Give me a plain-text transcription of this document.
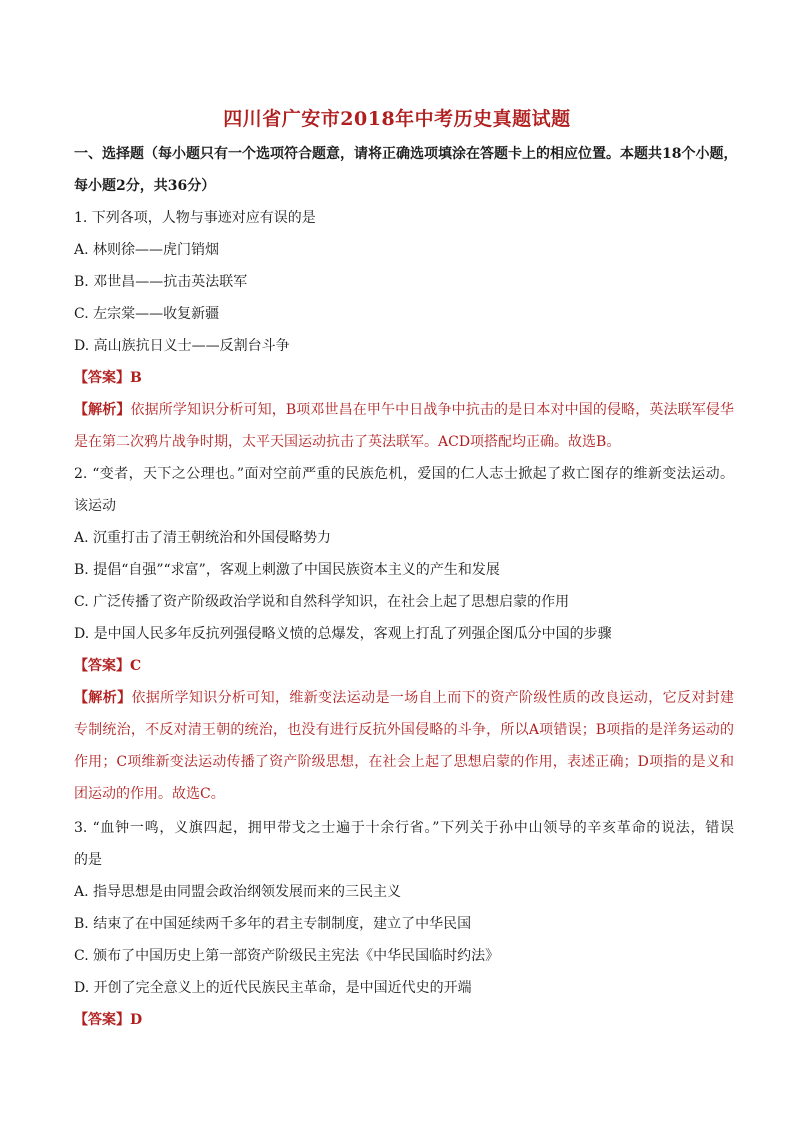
四川省广安市2018年中考历史真题试题
一、选择题（每小题只有一个选项符合题意，请将正确选项填涂在答题卡上的相应位置。本题共18个小题，
每小题2分，共36分）
1. 下列各项，人物与事迹对应有误的是
A. 林则徐——虎门销烟
B. 邓世昌——抗击英法联军
C. 左宗棠——收复新疆
D. 高山族抗日义士——反割台斗争
【答案】B
【解析】依据所学知识分析可知，B项邓世昌在甲午中日战争中抗击的是日本对中国的侵略，英法联军侵华
是在第二次鸦片战争时期，太平天国运动抗击了英法联军。ACD项搭配均正确。故选B。
2. “变者，天下之公理也。”面对空前严重的民族危机，爱国的仁人志士掀起了救亡图存的维新变法运动。
该运动
A. 沉重打击了清王朝统治和外国侵略势力
B. 提倡“自强”“求富”，客观上刺激了中国民族资本主义的产生和发展
C. 广泛传播了资产阶级政治学说和自然科学知识，在社会上起了思想启蒙的作用
D. 是中国人民多年反抗列强侵略义愤的总爆发，客观上打乱了列强企图瓜分中国的步骤
【答案】C
【解析】依据所学知识分析可知，维新变法运动是一场自上而下的资产阶级性质的改良运动，它反对封建
专制统治，不反对清王朝的统治，也没有进行反抗外国侵略的斗争，所以A项错误；B项指的是洋务运动的
作用；C项维新变法运动传播了资产阶级思想，在社会上起了思想启蒙的作用，表述正确；D项指的是义和
团运动的作用。故选C。
3. “血钟一鸣，义旗四起，拥甲带戈之士遍于十余行省。”下列关于孙中山领导的辛亥革命的说法，错误
的是
A. 指导思想是由同盟会政治纲领发展而来的三民主义
B. 结束了在中国延续两千多年的君主专制制度，建立了中华民国
C. 颁布了中国历史上第一部资产阶级民主宪法《中华民国临时约法》
D. 开创了完全意义上的近代民族民主革命，是中国近代史的开端
【答案】D
